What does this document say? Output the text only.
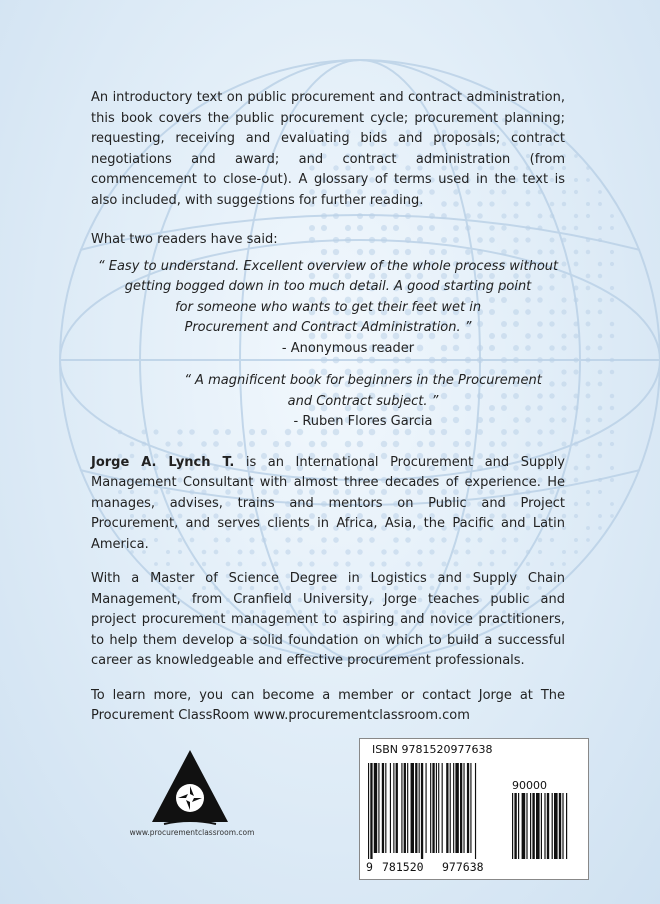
An introductory text on public procurement and contract administration, this book covers the public procurement cycle; procurement planning; requesting, receiving and evaluating bids and proposals; contract negotiations and award; and contract administration (from commencement to close-out). A glossary of terms used in the text is also included, with suggestions for further reading.

What two readers have said:

“ Easy to understand. Excellent overview of the whole process without

getting bogged down in too much detail. A good starting point

for someone who wants to get their feet wet in

Procurement and Contract Administration. ”

- Anonymous reader

“ A magnificent book for beginners in the Procurement

and Contract subject. ”

- Ruben Flores Garcia

Jorge A. Lynch T. is an International Procurement and Supply Management Consultant with almost three decades of experience. He manages, advises, trains and mentors on Public and Project Procurement, and serves clients in Africa, Asia, the Pacific and Latin America.

With a Master of Science Degree in Logistics and Supply Chain Management, from Cranfield University, Jorge teaches public and project procurement management to aspiring and novice practitioners, to help them develop a solid foundation on which to build a successful career as knowledgeable and effective procurement professionals.

To learn more, you can become a member or contact Jorge at The Procurement ClassRoom www.procurementclassroom.com

www.procurementclassroom.com
ISBN 9781520977638
90000
9 781520 977638
